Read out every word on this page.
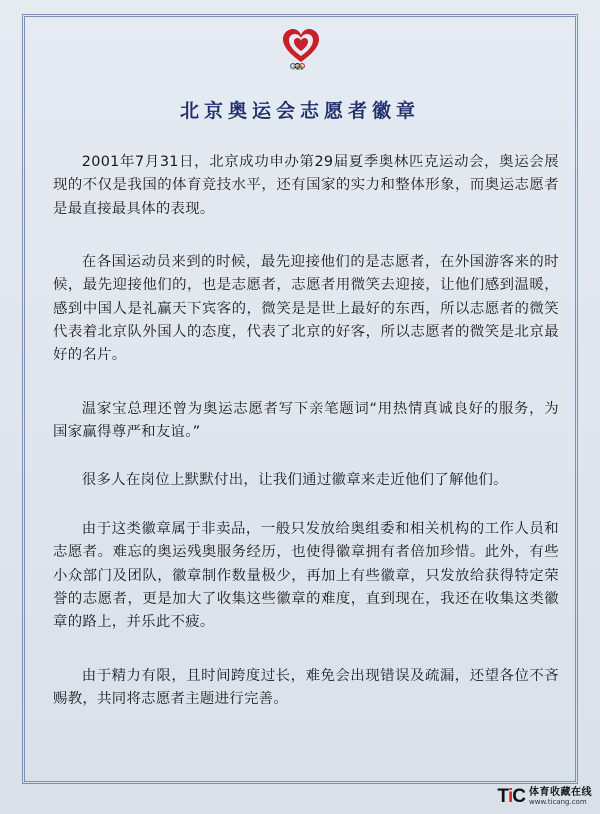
北京奥运会志愿者徽章

2001年7月31日，北京成功申办第29届夏季奥林匹克运动会，奥运会展现的不仅是我国的体育竞技水平，还有国家的实力和整体形象，而奥运志愿者是最直接最具体的表现。

在各国运动员来到的时候，最先迎接他们的是志愿者，在外国游客来的时候，最先迎接他们的，也是志愿者，志愿者用微笑去迎接，让他们感到温暖，感到中国人是礼赢天下宾客的，微笑是是世上最好的东西，所以志愿者的微笑代表着北京队外国人的态度，代表了北京的好客，所以志愿者的微笑是北京最好的名片。

温家宝总理还曾为奥运志愿者写下亲笔题词“用热情真诚良好的服务，为国家赢得尊严和友谊。”

很多人在岗位上默默付出，让我们通过徽章来走近他们了解他们。

由于这类徽章属于非卖品，一般只发放给奥组委和相关机构的工作人员和志愿者。难忘的奥运残奥服务经历，也使得徽章拥有者倍加珍惜。此外，有些小众部门及团队，徽章制作数量极少，再加上有些徽章，只发放给获得特定荣誉的志愿者，更是加大了收集这些徽章的难度，直到现在，我还在收集这类徽章的路上，并乐此不疲。

由于精力有限，且时间跨度过长，难免会出现错误及疏漏，还望各位不吝赐教，共同将志愿者主题进行完善。

T i C 体育收藏在线
www.ticang.com
